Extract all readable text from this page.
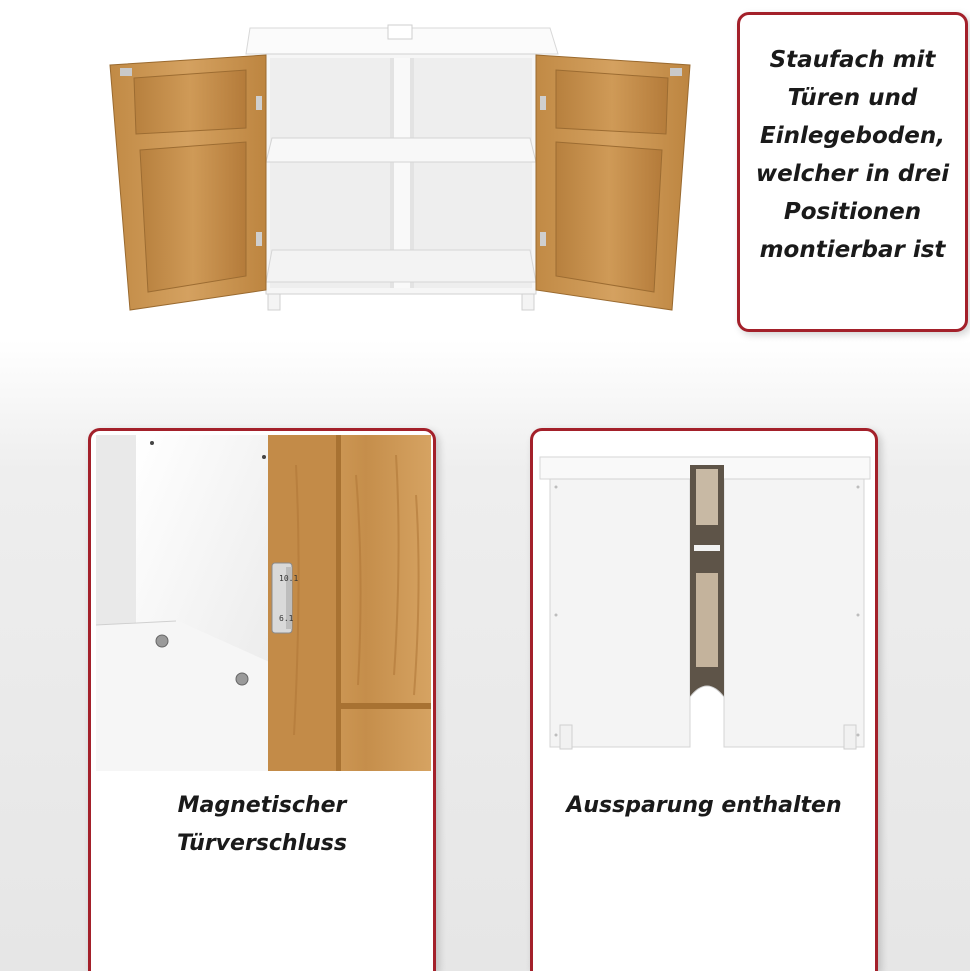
Staufach mit
Türen und
Einlegeboden,
welcher in drei
Positionen
montierbar ist
10.1
6.1
Magnetischer
Türverschluss
Aussparung enthalten
